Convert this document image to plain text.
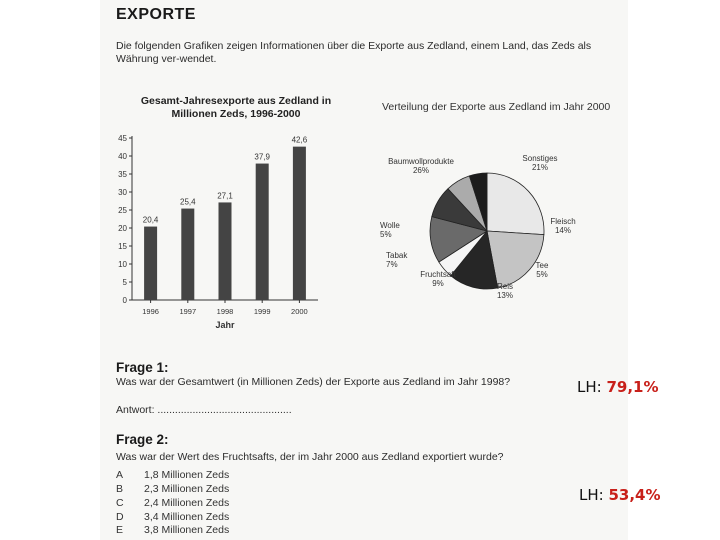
EXPORTE
Die folgenden Grafiken zeigen Informationen über die Exporte aus Zedland, einem Land, das Zeds als Währung ver-wendet.
Gesamt-Jahresexporte aus Zedland in Millionen Zeds, 1996-2000
0
5
10
15
20
25
30
35
40
45
20,4
1996
25,4
1997
27,1
1998
37,9
1999
42,6
2000
Jahr
Verteilung der Exporte aus Zedland im Jahr 2000
Baumwollprodukte
26%
Sonstiges
21%
Fleisch
14%
Tee
5%
Reis
13%
Fruchtsaft
9%
Tabak
7%
Wolle
5%
Frage 1:
Was war der Gesamtwert (in Millionen Zeds) der Exporte aus Zedland im Jahr 1998?
Antwort: ..............................................
LH: 79,1%
Frage 2:
Was war der Wert des Fruchtsafts, der im Jahr 2000 aus Zedland exportiert wurde?
A 1,8 Millionen Zeds
B 2,3 Millionen Zeds
C 2,4 Millionen Zeds
D 3,4 Millionen Zeds
E 3,8 Millionen Zeds
LH: 53,4%
